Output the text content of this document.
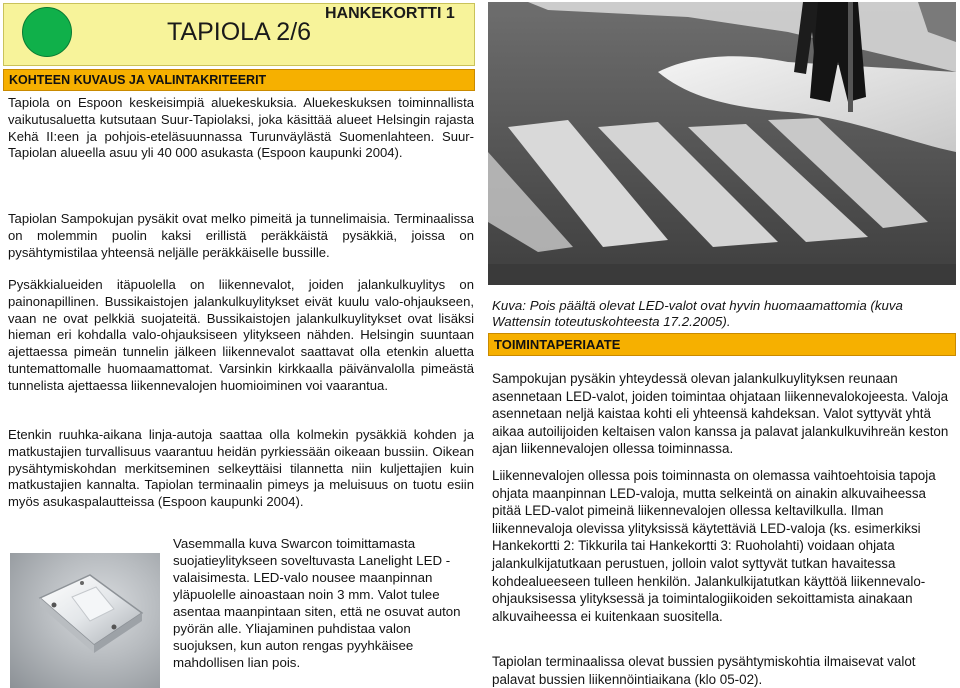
TAPIOLA 2/6
HANKEKORTTI 1
KOHTEEN KUVAUS JA VALINTAKRITEERIT

Tapiola on Espoon keskeisimpiä aluekeskuksia. Aluekeskuksen toiminnallista vaikutusaluetta kutsutaan Suur-Tapiolaksi, joka käsittää alueet Helsingin rajasta Kehä II:een ja pohjois-eteläsuunnassa Turunväylästä Suomenlahteen. Suur-Tapiolan alueella asuu yli 40 000 asukasta (Espoon kaupunki 2004).

Tapiolan Sampokujan pysäkit ovat melko pimeitä ja tunnelimaisia. Terminaalissa on molemmin puolin kaksi erillistä peräkkäistä pysäkkiä, joissa on pysähtymistilaa yhteensä neljälle peräkkäiselle bussille.

Pysäkkialueiden itäpuolella on liikennevalot, joiden jalankulkuylitys on painonapillinen. Bussikaistojen jalankulkuylitykset eivät kuulu valo-ohjaukseen, vaan ne ovat pelkkiä suojateitä. Bussikaistojen jalankulkuylitykset ovat lisäksi hieman eri kohdalla valo-ohjauksiseen ylitykseen nähden. Helsingin suuntaan ajettaessa pimeän tunnelin jälkeen liikennevalot saattavat olla etenkin aluetta tuntemattomalle huomaamattomat. Varsinkin kirkkaalla päivänvalolla pimeästä tunnelista ajettaessa liikennevalojen huomioiminen voi vaarantua.

Etenkin ruuhka-aikana linja-autoja saattaa olla kolmekin pysäkkiä kohden ja matkustajien turvallisuus vaarantuu heidän pyrkiessään oikeaan bussiin. Oikean pysähtymiskohdan merkitseminen selkeyttäisi tilannetta niin kuljettajien kuin matkustajien kannalta. Tapiolan terminaalin pimeys ja meluisuus on tuotu esiin myös asukaspalautteissa (Espoon kaupunki 2004).

Vasemmalla kuva Swarcon toimittamasta suojatieylitykseen soveltuvasta Lanelight LED -valaisimesta. LED-valo nousee maanpinnan yläpuolelle ainoastaan noin 3 mm. Valot tulee asentaa maanpintaan siten, että ne osuvat auton pyörän alle. Yliajaminen puhdistaa valon suojuksen, kun auton rengas pyyhkäisee mahdollisen lian pois.

Kuva: Pois päältä olevat LED-valot ovat hyvin huomaamattomia (kuva Wattensin toteutuskohteesta 17.2.2005).
TOIMINTAPERIAATE

Sampokujan pysäkin yhteydessä olevan jalankulkuylityksen reunaan asennetaan LED-valot, joiden toimintaa ohjataan liikennevalokojeesta. Valoja asennetaan neljä kaistaa kohti eli yhteensä kahdeksan. Valot syttyvät yhtä aikaa autoilijoiden keltaisen valon kanssa ja palavat jalankulkuvihreän keston ajan liikennevalojen ollessa toiminnassa.

Liikennevalojen ollessa pois toiminnasta on olemassa vaihtoehtoisia tapoja ohjata maanpinnan LED-valoja, mutta selkeintä on ainakin alkuvaiheessa pitää LED-valot pimeinä liikennevalojen ollessa keltavilkulla. Ilman liikennevaloja olevissa ylityksissä käytettäviä LED-valoja (ks. esimerkiksi Hankekortti 2: Tikkurila tai Hankekortti 3: Ruoholahti) voidaan ohjata jalankulkijatutkaan perustuen, jolloin valot syttyvät tutkan havaitessa kohdealueeseen tulleen henkilön. Jalankulkijatutkan käyttöä liikennevalo-ohjauksisessa ylityksessä ja toimintalogiikoiden sekoittamista ainakaan alkuvaiheessa ei kuitenkaan suositella.

Tapiolan terminaalissa olevat bussien pysähtymiskohtia ilmaisevat valot palavat bussien liikennöintiaikana (klo 05-02).
